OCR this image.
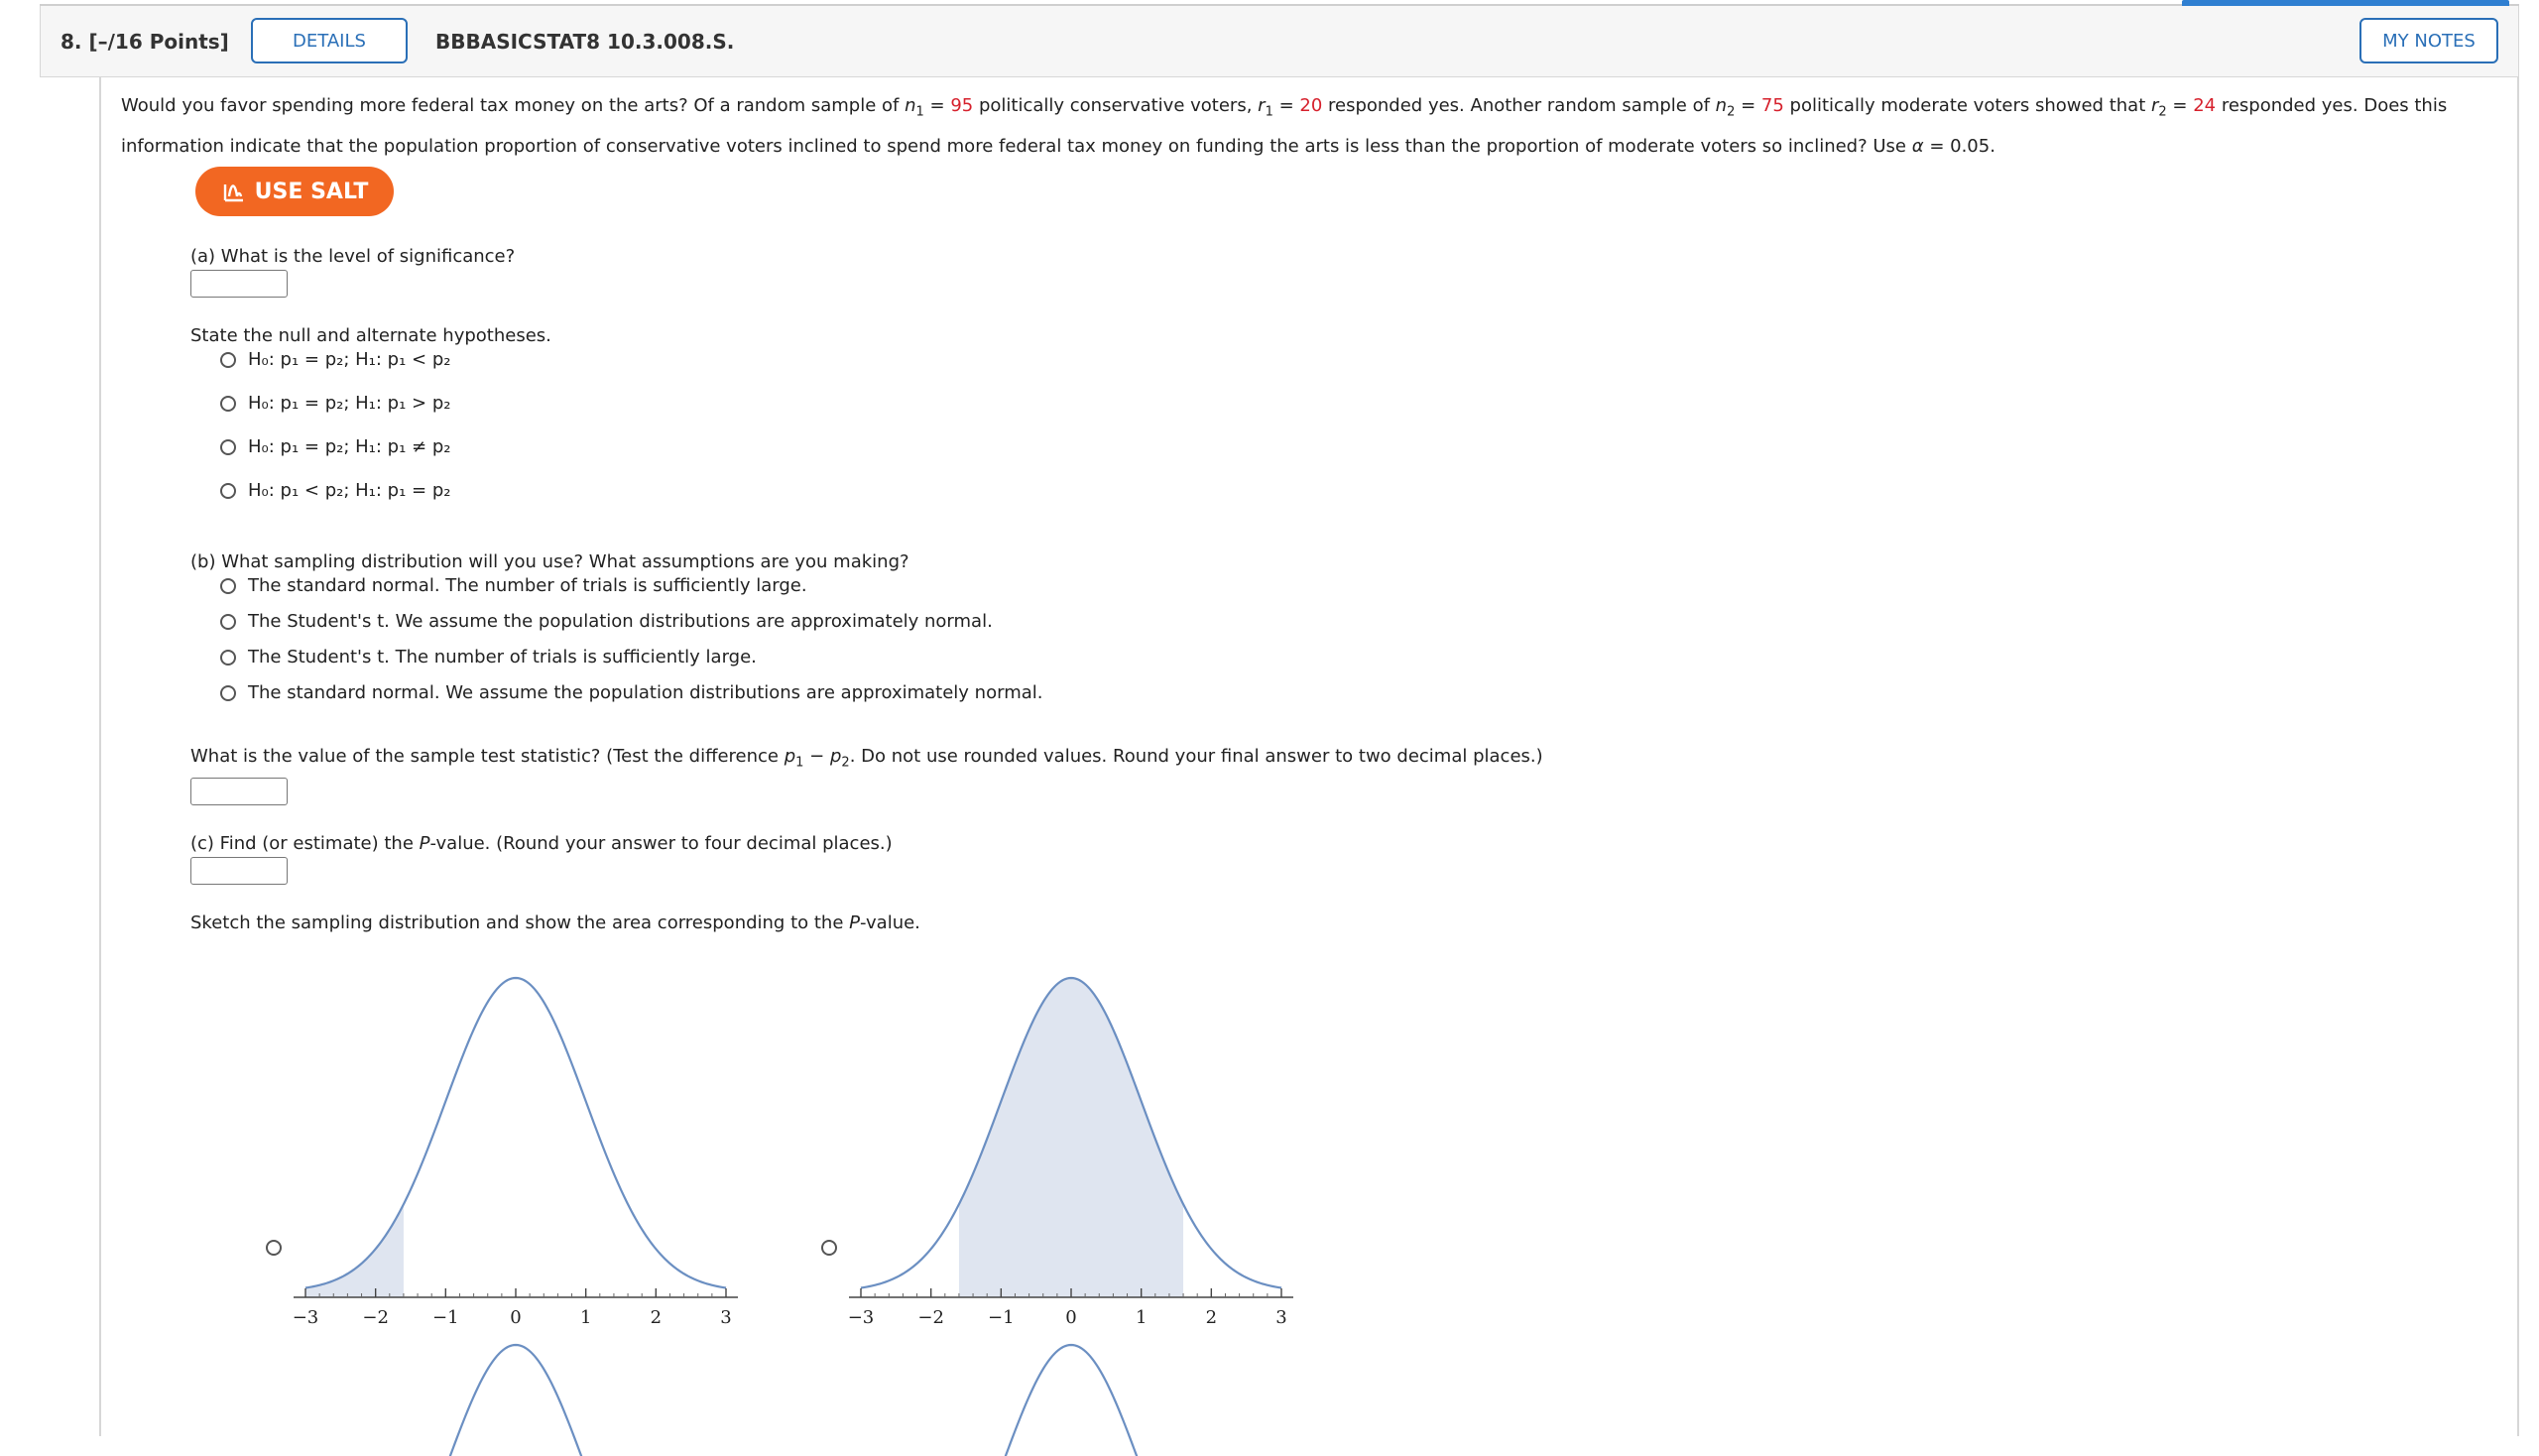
8. [–/16 Points]	DETAILS	BBBASICSTAT8 10.3.008.S.	MY NOTES
Would you favor spending more federal tax money on the arts? Of a random sample of $n_1 = 95$ politically conservative voters, $r_1 = 20$ responded yes. Another random sample of $n_2 = 75$ politically moderate voters showed that $r_2 = 24$ responded yes. Does this information indicate that the population proportion of conservative voters inclined to spend more federal tax money on funding the arts is less than the proportion of moderate voters so inclined? Use α = 0.05.
USE SALT
(a) What is the level of significance?
State the null and alternate hypotheses.
H₀: p₁ = p₂; H₁: p₁ < p₂
H₀: p₁ = p₂; H₁: p₁ > p₂
H₀: p₁ = p₂; H₁: p₁ ≠ p₂
H₀: p₁ < p₂; H₁: p₁ = p₂
(b) What sampling distribution will you use? What assumptions are you making?
The standard normal. The number of trials is sufficiently large.
The Student's t. We assume the population distributions are approximately normal.
The Student's t. The number of trials is sufficiently large.
The standard normal. We assume the population distributions are approximately normal.
What is the value of the sample test statistic? (Test the difference $p_1 - p_2$. Do not use rounded values. Round your final answer to two decimal places.)
(c) Find (or estimate) the P-value. (Round your answer to four decimal places.)
Sketch the sampling distribution and show the area corresponding to the P-value.
−3 −2 −1	0	1	2	3	−3 −2 −1	0	1	2	3
